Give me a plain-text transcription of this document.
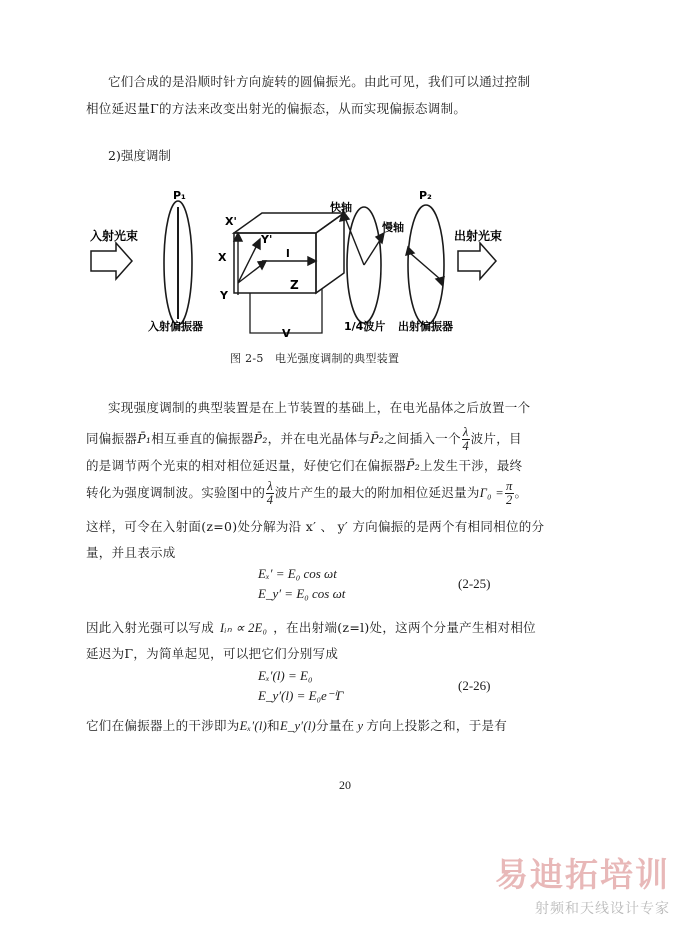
它们合成的是沿顺时针方向旋转的圆偏振光。由此可见，我们可以通过控制
相位延迟量Γ的方法来改变出射光的偏振态，从而实现偏振态调制。
2)强度调制
入射光束
P₁
入射偏振器
X'
Y'
X
Y
l
Z
V
快轴
慢轴
1/4波片
P₂
出射偏振器
出射光束
图 2-5　电光强度调制的典型装置
实现强度调制的典型装置是在上节装置的基础上，在电光晶体之后放置一个
同偏振器P̄₁相互垂直的偏振器P̄₂，并在电光晶体与P̄₂之间插入一个 $\frac{\lambda}{4}$ 波片，目
的是调节两个光束的相对相位延迟量，好使它们在偏振器P̄₂上发生干涉，最终
转化为强度调制波。实验图中的 $\frac{\lambda}{4}$ 波片产生的最大的附加相位延迟量为$\Gamma_0 = \frac{\pi}{2}$ 。
这样，可令在入射面(z=0)处分解为沿 x′ 、 y′ 方向偏振的是两个有相同相位的分
量，并且表示成
Eₓ′ = E₀ cos ωt
E_y′ = E₀ cos ωt
(2-25)
因此入射光强可以写成 Iᵢₙ ∝ 2E₀ ，在出射端(z=l)处，这两个分量产生相对相位
延迟为Γ，为简单起见，可以把它们分别写成
Eₓ′(l) = E₀
E_y′(l) = E₀e⁻ⁱΓ
(2-26)
它们在偏振器上的干涉即为Eₓ′(l)和E_y′(l)分量在 y 方向上投影之和，于是有
20
易迪拓培训
射频和天线设计专家
